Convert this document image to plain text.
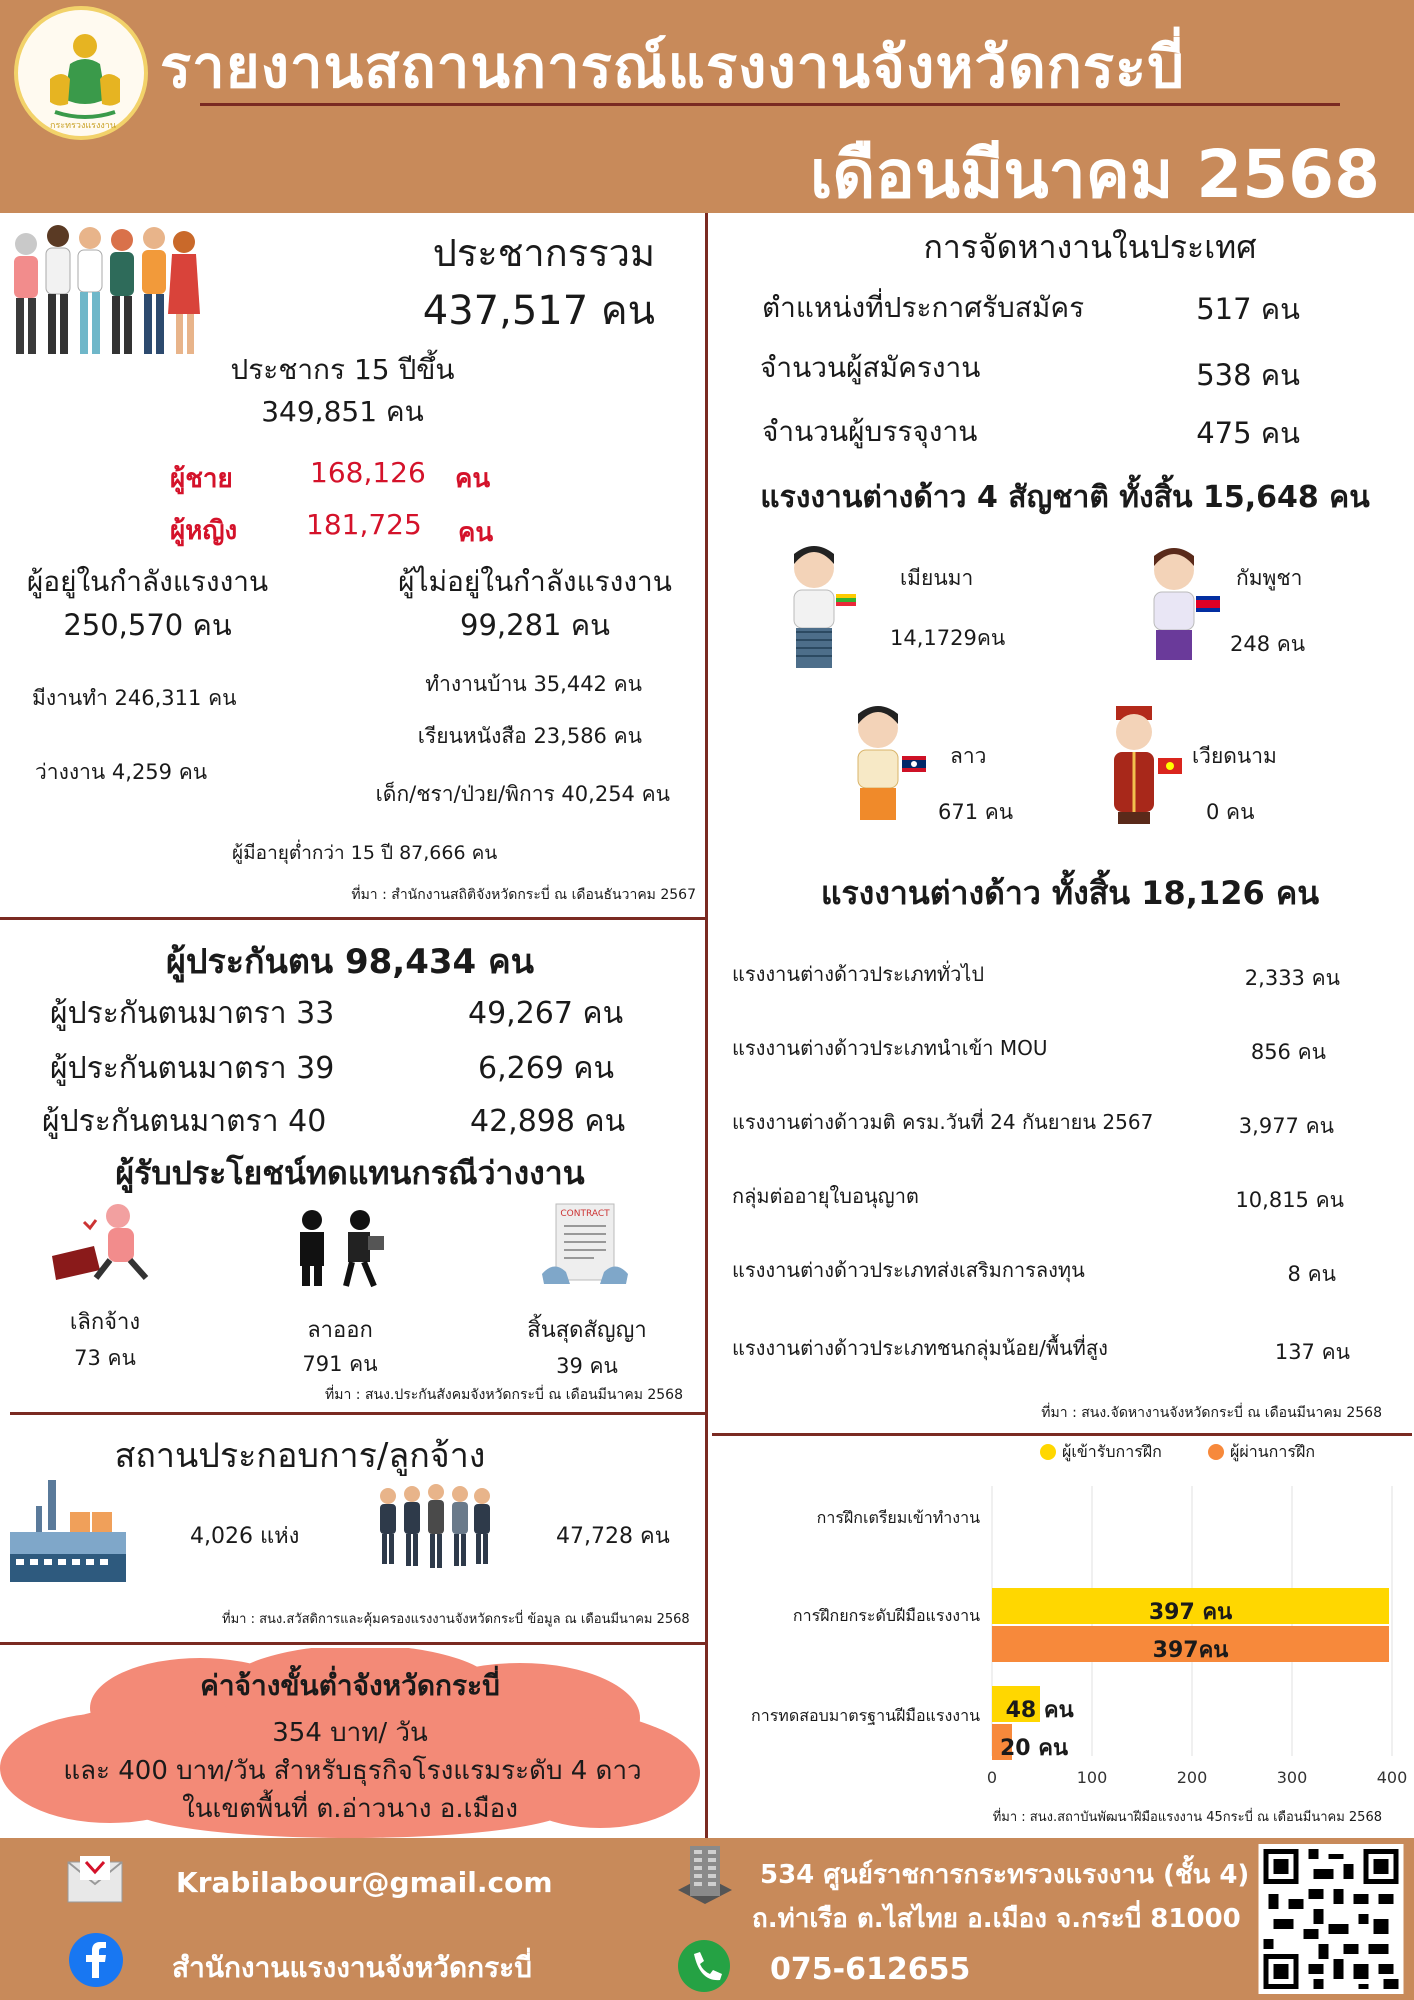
กระทรวงแรงงาน
รายงานสถานการณ์แรงงานจังหวัดกระบี่
เดือนมีนาคม 2568
ประชากรรวม
437,517 คน
ประชากร 15 ปีขึ้น
349,851 คน
ผู้ชาย	168,126 คน
ผู้หญิง 181,725 คน
ผู้อยู่ในกำลังแรงงาน
250,570 คน
ผู้ไม่อยู่ในกำลังแรงงาน
99,281 คน
มีงานทำ 246,311 คน
ว่างงาน 4,259 คน
ทำงานบ้าน 35,442 คน
เรียนหนังสือ 23,586 คน
เด็ก/ชรา/ป่วย/พิการ 40,254 คน
ผู้มีอายุต่ำกว่า 15 ปี 87,666 คน
ที่มา : สำนักงานสถิติจังหวัดกระบี่ ณ เดือนธันวาคม 2567
การจัดหางานในประเทศ
ตำแหน่งที่ประกาศรับสมัคร	517 คน
จำนวนผู้สมัครงาน	538 คน
จำนวนผู้บรรจุงาน	475 คน
แรงงานต่างด้าว 4 สัญชาติ ทั้งสิ้น 15,648 คน
เมียนมา
14,1729คน
กัมพูชา
248 คน
ลาว
671 คน
เวียดนาม
0 คน
แรงงานต่างด้าว ทั้งสิ้น 18,126 คน
แรงงานต่างด้าวประเภททั่วไป	2,333 คน
แรงงานต่างด้าวประเภทนำเข้า MOU	856 คน
แรงงานต่างด้าวมติ ครม.วันที่ 24 กันยายน 2567	3,977 คน
กลุ่มต่ออายุใบอนุญาต	10,815 คน
แรงงานต่างด้าวประเภทส่งเสริมการลงทุน	8 คน
แรงงานต่างด้าวประเภทชนกลุ่มน้อย/พื้นที่สูง	137 คน
ที่มา : สนง.จัดหางานจังหวัดกระบี่ ณ เดือนมีนาคม 2568
ผู้ประกันตน 98,434 คน
ผู้ประกันตนมาตรา 33	49,267 คน
ผู้ประกันตนมาตรา 39	6,269 คน
ผู้ประกันตนมาตรา 40	42,898 คน
ผู้รับประโยชน์ทดแทนกรณีว่างงาน
เลิกจ้าง
73 คน
ลาออก
791 คน
CONTRACT
สิ้นสุดสัญญา
39 คน
ที่มา : สนง.ประกันสังคมจังหวัดกระบี่ ณ เดือนมีนาคม 2568
สถานประกอบการ/ลูกจ้าง
4,026 แห่ง	47,728 คน
ที่มา : สนง.สวัสดิการและคุ้มครองแรงงานจังหวัดกระบี่ ข้อมูล ณ เดือนมีนาคม 2568
ค่าจ้างขั้นต่ำจังหวัดกระบี่
354 บาท/ วัน
และ 400 บาท/วัน สำหรับธุรกิจโรงแรมระดับ 4 ดาว
ในเขตพื้นที่ ต.อ่าวนาง อ.เมือง
ผู้เข้ารับการฝึก	ผู้ผ่านการฝึก
0	100	200	300	400
การฝึกเตรียมเข้าทำงาน
การฝึกยกระดับฝีมือแรงงาน
การทดสอบมาตรฐานฝีมือแรงงาน
397 คน
397คน
48 คน
20 คน
ที่มา : สนง.สถาบันพัฒนาฝีมือแรงงาน 45กระบี่ ณ เดือนมีนาคม 2568
Krabilabour@gmail.com
สำนักงานแรงงานจังหวัดกระบี่
534 ศูนย์ราชการกระทรวงแรงงาน (ชั้น 4)
ถ.ท่าเรือ ต.ไสไทย อ.เมือง จ.กระบี่ 81000
075-612655
